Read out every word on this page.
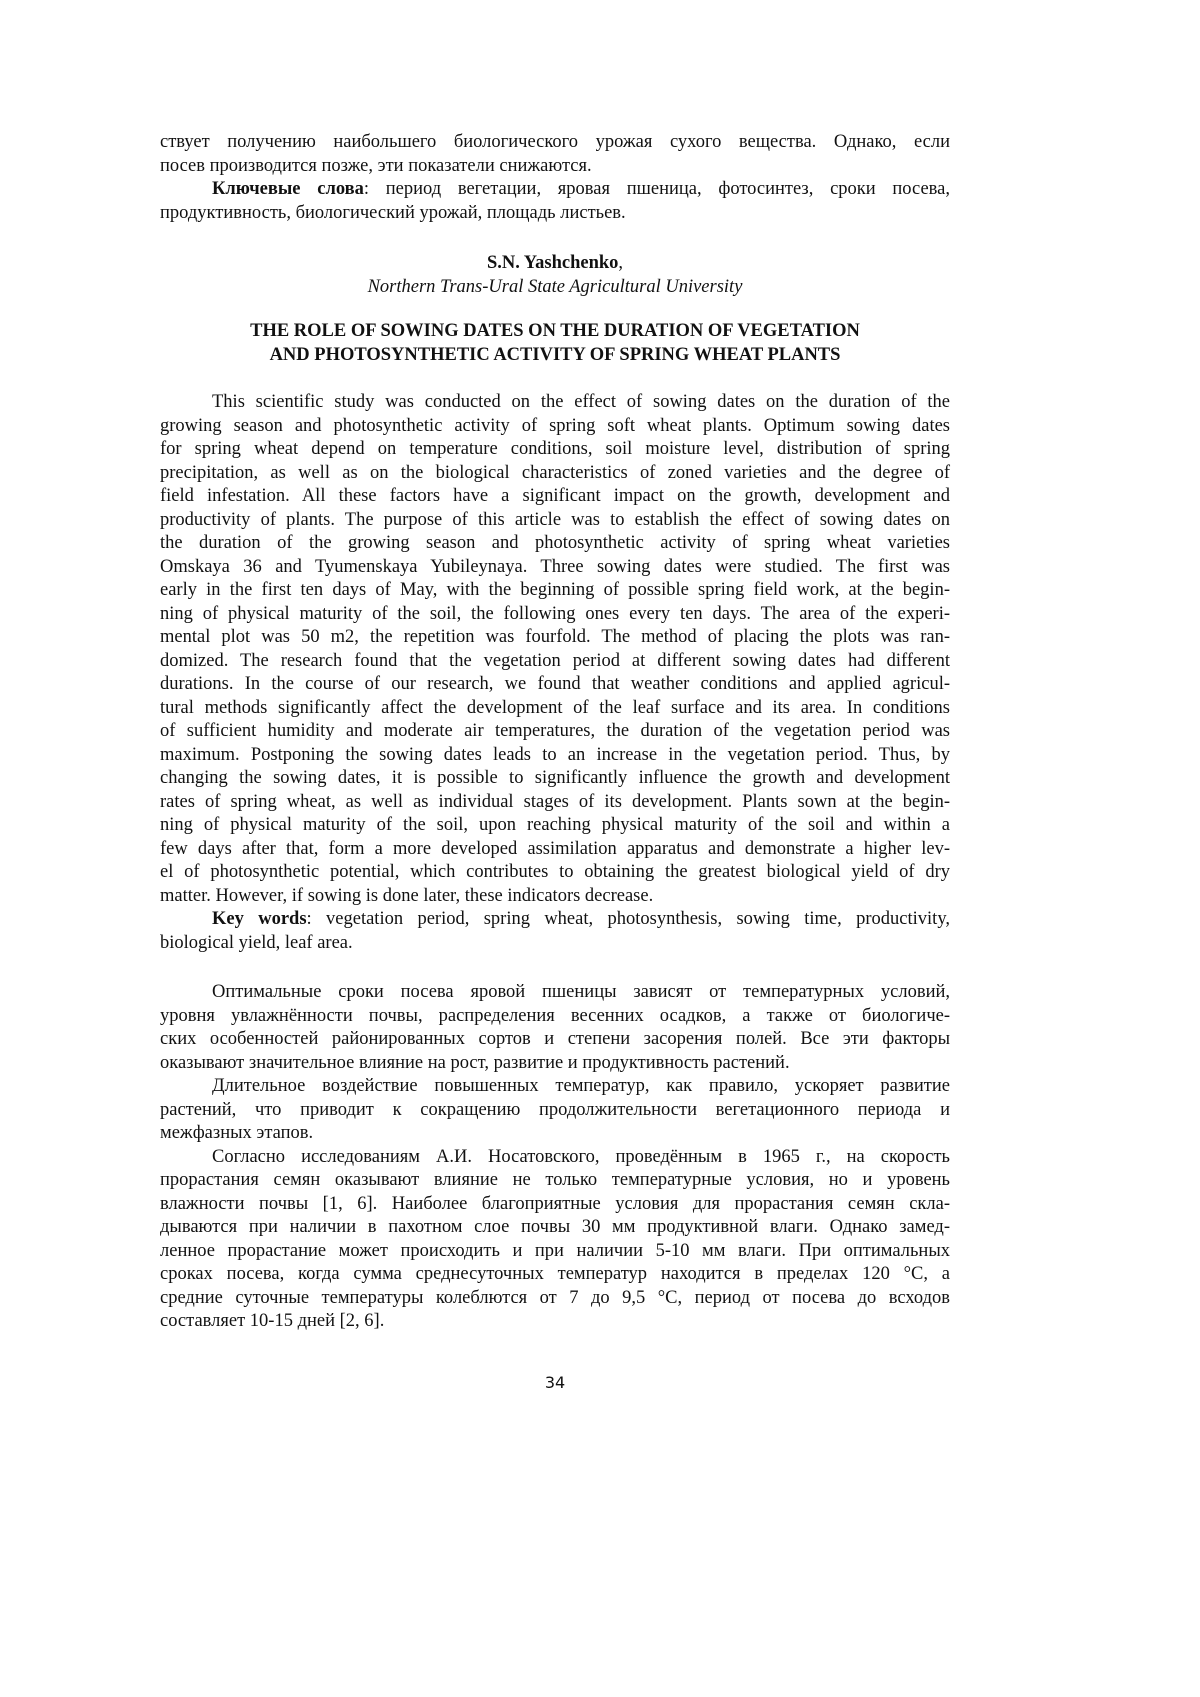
ствует получению наибольшего биологического урожая сухого вещества. Однако, если
посев производится позже, эти показатели снижаются.
Ключевые слова: период вегетации, яровая пшеница, фотосинтез, сроки посева,
продуктивность, биологический урожай, площадь листьев.
S.N. Yashchenko,
Northern Trans-Ural State Agricultural University
THE ROLE OF SOWING DATES ON THE DURATION OF VEGETATION
AND PHOTOSYNTHETIC ACTIVITY OF SPRING WHEAT PLANTS
This scientific study was conducted on the effect of sowing dates on the duration of the
growing season and photosynthetic activity of spring soft wheat plants. Optimum sowing dates
for spring wheat depend on temperature conditions, soil moisture level, distribution of spring
precipitation, as well as on the biological characteristics of zoned varieties and the degree of
field infestation. All these factors have a significant impact on the growth, development and
productivity of plants. The purpose of this article was to establish the effect of sowing dates on
the duration of the growing season and photosynthetic activity of spring wheat varieties
Omskaya 36 and Tyumenskaya Yubileynaya. Three sowing dates were studied. The first was
early in the first ten days of May, with the beginning of possible spring field work, at the begin-
ning of physical maturity of the soil, the following ones every ten days. The area of the experi-
mental plot was 50 m2, the repetition was fourfold. The method of placing the plots was ran-
domized. The research found that the vegetation period at different sowing dates had different
durations. In the course of our research, we found that weather conditions and applied agricul-
tural methods significantly affect the development of the leaf surface and its area. In conditions
of sufficient humidity and moderate air temperatures, the duration of the vegetation period was
maximum. Postponing the sowing dates leads to an increase in the vegetation period. Thus, by
changing the sowing dates, it is possible to significantly influence the growth and development
rates of spring wheat, as well as individual stages of its development. Plants sown at the begin-
ning of physical maturity of the soil, upon reaching physical maturity of the soil and within a
few days after that, form a more developed assimilation apparatus and demonstrate a higher lev-
el of photosynthetic potential, which contributes to obtaining the greatest biological yield of dry
matter. However, if sowing is done later, these indicators decrease.
Key words: vegetation period, spring wheat, photosynthesis, sowing time, productivity,
biological yield, leaf area.
Оптимальные сроки посева яровой пшеницы зависят от температурных условий,
уровня увлажнённости почвы, распределения весенних осадков, а также от биологиче-
ских особенностей районированных сортов и степени засорения полей. Все эти факторы
оказывают значительное влияние на рост, развитие и продуктивность растений.
Длительное воздействие повышенных температур, как правило, ускоряет развитие
растений, что приводит к сокращению продолжительности вегетационного периода и
межфазных этапов.
Согласно исследованиям А.И. Носатовского, проведённым в 1965 г., на скорость
прорастания семян оказывают влияние не только температурные условия, но и уровень
влажности почвы [1, 6]. Наиболее благоприятные условия для прорастания семян скла-
дываются при наличии в пахотном слое почвы 30 мм продуктивной влаги. Однако замед-
ленное прорастание может происходить и при наличии 5-10 мм влаги. При оптимальных
сроках посева, когда сумма среднесуточных температур находится в пределах 120 °С, а
средние суточные температуры колеблются от 7 до 9,5 °С, период от посева до всходов
составляет 10-15 дней [2, 6].
34
